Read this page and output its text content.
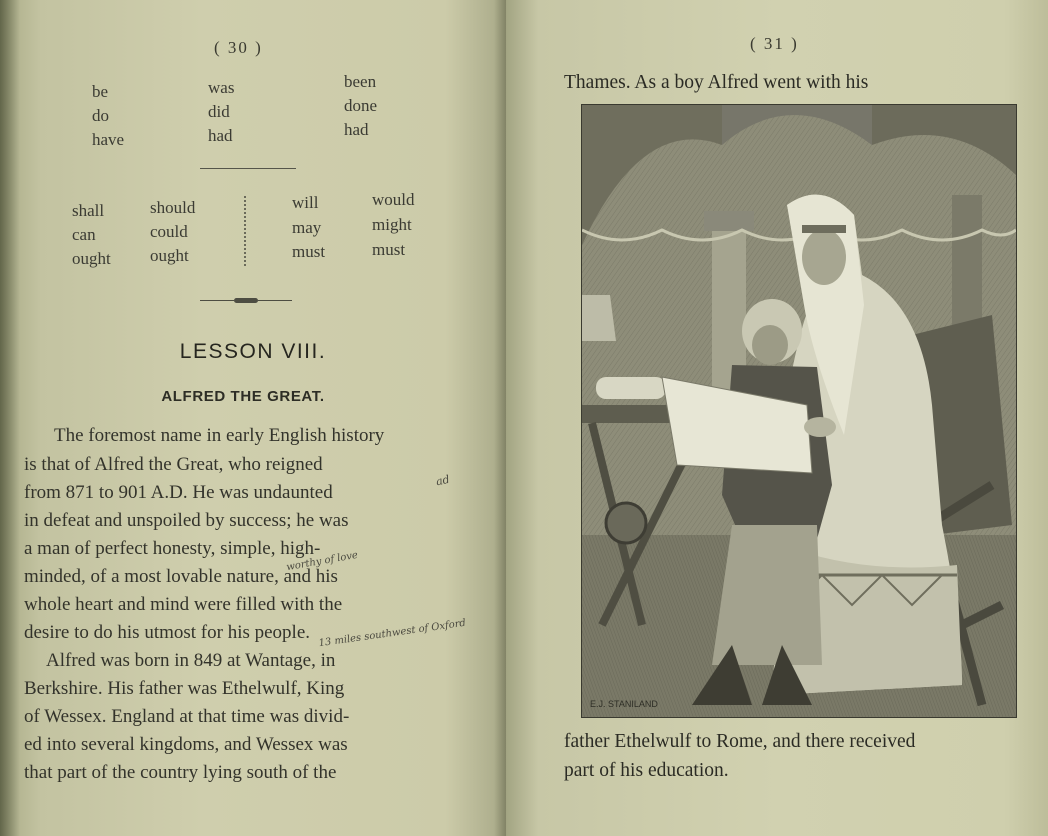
( 30 )
be
do
have
was
did
had
been
done
had
shall
can
ought
should
could
ought
will
may
must
would
might
must
LESSON VIII.
ALFRED THE GREAT.
The foremost name in early English history
is that of Alfred the Great, who reigned
from 871 to 901 A.D. He was undaunted
in defeat and unspoiled by success; he was
a man of perfect honesty, simple, high-
minded, of a most lovable nature, and his
whole heart and mind were filled with the
desire to do his utmost for his people.
Alfred was born in 849 at Wantage, in
Berkshire. His father was Ethelwulf, King
of Wessex. England at that time was divid-
ed into several kingdoms, and Wessex was
that part of the country lying south of the
ad
worthy of love
13 miles southwest of Oxford
( 31 )
Thames. As a boy Alfred went with his
father Ethelwulf to Rome, and there received
part of his education.
E.J. STANILAND
